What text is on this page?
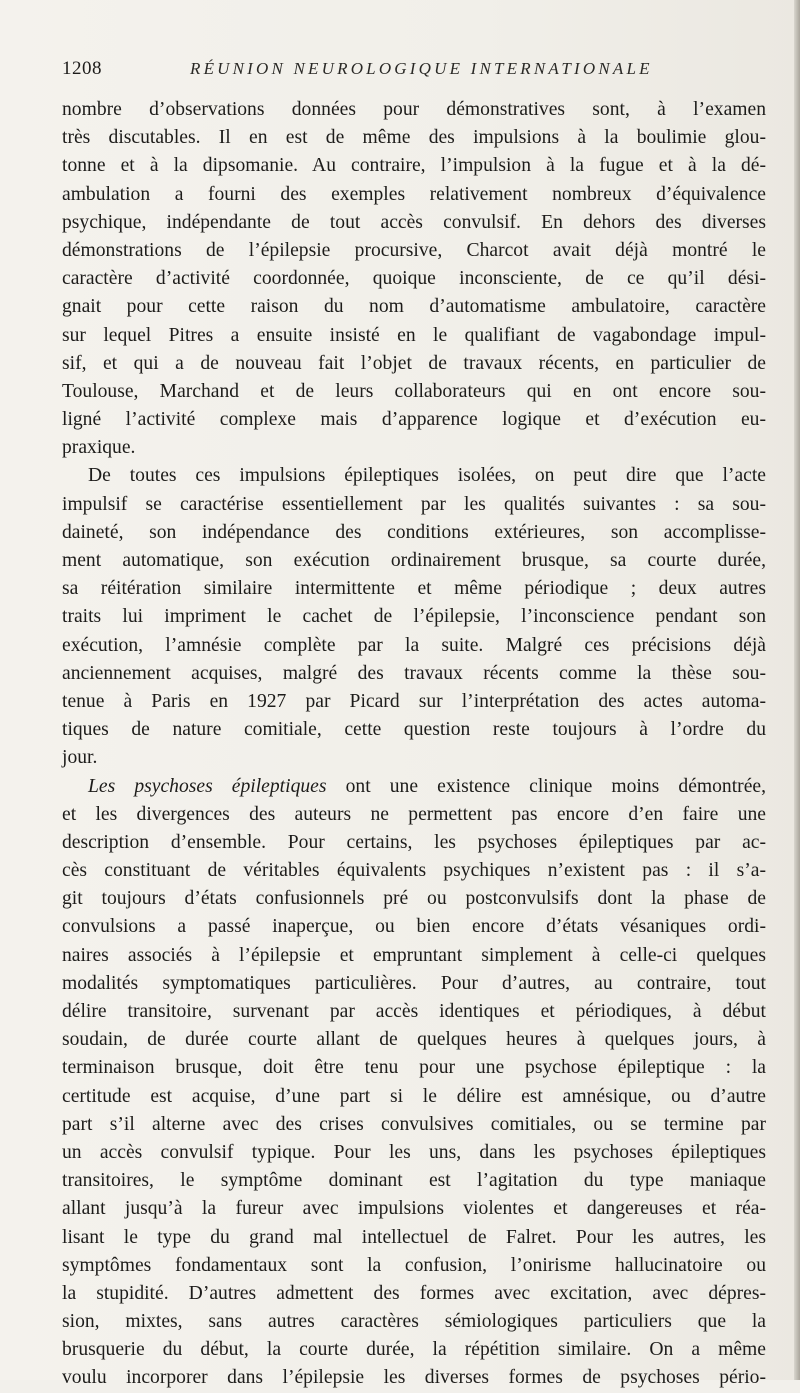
1208	RÉUNION NEUROLOGIQUE INTERNATIONALE
nombre d’observations données pour démonstratives sont, à l’examen
très discutables. Il en est de même des impulsions à la boulimie glou-
tonne et à la dipsomanie. Au contraire, l’impulsion à la fugue et à la dé-
ambulation a fourni des exemples relativement nombreux d’équivalence
psychique, indépendante de tout accès convulsif. En dehors des diverses
démonstrations de l’épilepsie procursive, Charcot avait déjà montré le
caractère d’activité coordonnée, quoique inconsciente, de ce qu’il dési-
gnait pour cette raison du nom d’automatisme ambulatoire, caractère
sur lequel Pitres a ensuite insisté en le qualifiant de vagabondage impul-
sif, et qui a de nouveau fait l’objet de travaux récents, en particulier de
Toulouse, Marchand et de leurs collaborateurs qui en ont encore sou-
ligné l’activité complexe mais d’apparence logique et d’exécution eu-
praxique.
De toutes ces impulsions épileptiques isolées, on peut dire que l’acte
impulsif se caractérise essentiellement par les qualités suivantes : sa sou-
daineté, son indépendance des conditions extérieures, son accomplisse-
ment automatique, son exécution ordinairement brusque, sa courte durée,
sa réitération similaire intermittente et même périodique ; deux autres
traits lui impriment le cachet de l’épilepsie, l’inconscience pendant son
exécution, l’amnésie complète par la suite. Malgré ces précisions déjà
anciennement acquises, malgré des travaux récents comme la thèse sou-
tenue à Paris en 1927 par Picard sur l’interprétation des actes automa-
tiques de nature comitiale, cette question reste toujours à l’ordre du
jour.
Les psychoses épileptiques ont une existence clinique moins démontrée,
et les divergences des auteurs ne permettent pas encore d’en faire une
description d’ensemble. Pour certains, les psychoses épileptiques par ac-
cès constituant de véritables équivalents psychiques n’existent pas : il s’a-
git toujours d’états confusionnels pré ou postconvulsifs dont la phase de
convulsions a passé inaperçue, ou bien encore d’états vésaniques ordi-
naires associés à l’épilepsie et empruntant simplement à celle-ci quelques
modalités symptomatiques particulières. Pour d’autres, au contraire, tout
délire transitoire, survenant par accès identiques et périodiques, à début
soudain, de durée courte allant de quelques heures à quelques jours, à
terminaison brusque, doit être tenu pour une psychose épileptique : la
certitude est acquise, d’une part si le délire est amnésique, ou d’autre
part s’il alterne avec des crises convulsives comitiales, ou se termine par
un accès convulsif typique. Pour les uns, dans les psychoses épileptiques
transitoires, le symptôme dominant est l’agitation du type maniaque
allant jusqu’à la fureur avec impulsions violentes et dangereuses et réa-
lisant le type du grand mal intellectuel de Falret. Pour les autres, les
symptômes fondamentaux sont la confusion, l’onirisme hallucinatoire ou
la stupidité. D’autres admettent des formes avec excitation, avec dépres-
sion, mixtes, sans autres caractères sémiologiques particuliers que la
brusquerie du début, la courte durée, la répétition similaire. On a même
voulu incorporer dans l’épilepsie les diverses formes de psychoses pério-
